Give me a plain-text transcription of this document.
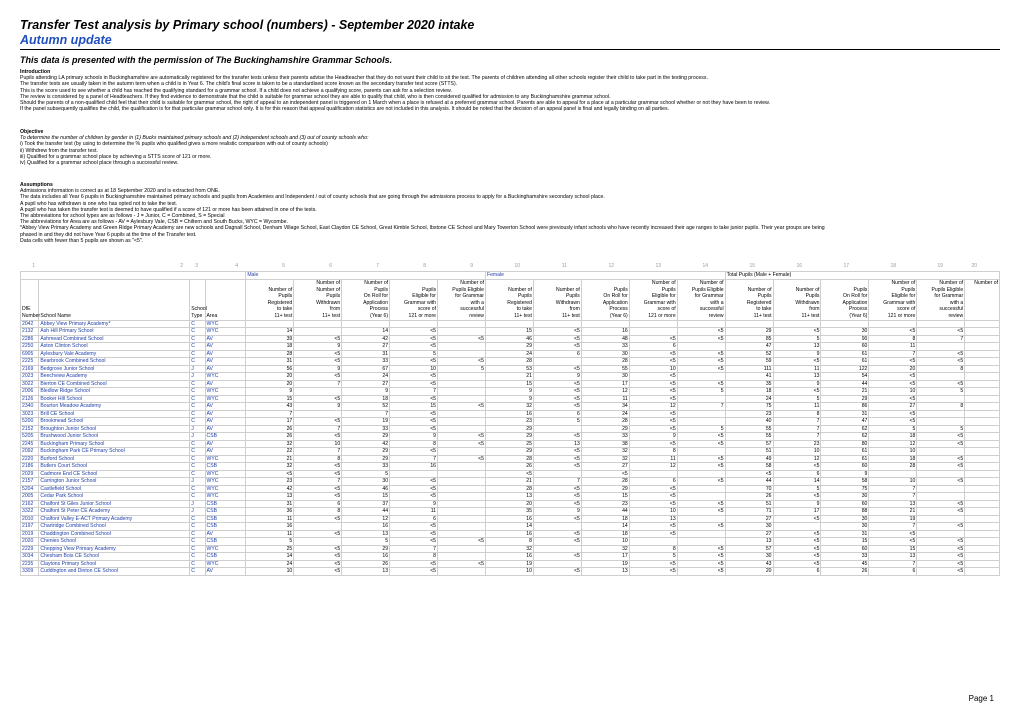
Transfer Test analysis by Primary school (numbers) - September 2020 intake
Autumn update
This data is presented with the permission of The Buckinghamshire Grammar Schools.

Introduction

Pupils attending LA primary schools in Buckinghamshire are automatically registered for the transfer tests unless their parents advise the Headteacher that they do not want their child to sit the test. The parents of children attending all other schools register their child to take part in the testing process.

The transfer tests are usually taken in the autumn term when a child is in Year 6. The child's final score is taken to be a standardised score known as the secondary transfer test score (STTS).

This is the score used to see whether a child has reached the qualifying standard for a grammar school. If a child does not achieve a qualifying score, parents can ask for a selection review.

The review is considered by a panel of Headteachers. If they find evidence to demonstrate that the child is suitable for grammar school they are able to qualify that child, who is then considered qualified for admission to any Buckinghamshire grammar school.

Should the parents of a non-qualified child feel that their child is suitable for grammar school, the right of appeal to an independent panel is triggered on 1 March when a place is refused at a preferred grammar school. Parents are able to appeal for a place at a particular grammar school whether or not they have been to review.

If the panel subsequently qualifies the child, the qualification is for that particular grammar school only. It is for this reason that appeal qualification statistics are not included in this analysis. It should be noted that the decision of an appeal panel is final and legally binding on all parties.

Objective

To determine the number of children by gender in (1) Bucks maintained primary schools and (2) independent schools and (3) out of county schools who:

i) Took the transfer test (by using to determine the % pupils who qualified gives a more realistic comparison with out of county schools)

ii) Withdrew from the transfer test.

iii) Qualified for a grammar school place by achieving a STTS score of 121 or more.

iv) Qualified for a grammar school place through a successful review.

Assumptions

Admissions information is correct as at 18 September 2020 and is extracted from ONE.

The data includes all Year 6 pupils in Buckinghamshire maintained primary schools and pupils from Academies and Independent / out of county schools that are going through the admissions process to apply for a Buckinghamshire secondary school place.

A pupil who has withdrawn is one who has opted not to take the test.

A pupil who has taken the transfer test is deemed to have qualified if a score of 121 or more has been attained in one of the tests.

The abbreviations for school types are as follows - J = Junior, C = Combined, S = Special

The abbreviations for Area are as follows - AV = Aylesbury Vale, CSB = Chiltern and South Bucks, WYC = Wycombe.

*Abbey View Primary Academy and Green Ridge Primary Academy are new schools and Dagnall School, Denham Village School, East Claydon CE School, Great Kimble School, Ibstone CE School and Mary Towerton School were previously infant schools who have recently increased their age ranges to take junior pupils. Their year groups are being

phased in and they did not have Year 6 pupils at the time of the Transfer test.

Data cells with fewer than 5 pupils are shown as "<5".

1	2	3	4	5	6	7	8	9	10	11	12	13	14	15	16	17	18	19	20
				Male					Female					Total Pupils (Male + Female)					
					Number of	Number of		Number of				Number of	Number of				Number of	Number of	Number of
				Number of	Number of	Pupils	Pupils	Pupils Eligible	Number of	Number of	Pupils	Pupils	Pupils Eligible	Number of	Number of	Pupils	Pupils	Pupils Eligible	
				Pupils	Pupils	On Roll for	Eligible for	for Grammar	Pupils	Pupils	On Roll for	Eligible for	for Grammar	Pupils	Pupils	On Roll for	Eligible for	for Grammar	
				Registered	Withdrawn	Application	Grammar with	with a	Registered	Withdrawn	Application	Grammar with	with a	Registered	Withdrawn	Application	Grammar with	with a	
DfE		School		to take	from	Process	score of	successful	to take	from	Process	score of	successful	to take	from	Process	score of	successful	
Number	School Name	Type	Area	11+ test	11+ test	(Year 6)	121 or more	review	11+ test	11+ test	(Year 6)	121 or more	review	11+ test	11+ test	(Year 6)	121 or more	review	
2042	Abbey View Primary Academy*	C	WYC																
2132	Ash Hill Primary School	C	WYC	14		14	<5		15	<5	16		<5	29	<5	30	<5	<5	
2286	Ashmead Combined School	C	AV	39	<5	42	<5	<5	46	<5	48	<5	<5	85	5	90	8	7	
2250	Aston Clinton School	C	AV	18	9	27	<5		29	<5	33	6		47	13	60	11		
6905	Aylesbury Vale Academy	C	AV	28	<5	31	5		24	6	30	<5	<5	52	9	61	7	<5	
2225	Bearbrook Combined School	C	AV	31	<5	33	<5	<5	28		28	<5	<5	59	<5	61	<5	<5	
2169	Bedgrove Junior School	J	AV	56	9	67	10	5	53	<5	55	10	<5	111	11	122	20	8	
2023	Beechview Academy	J	WYC	20	<5	24	<5		21	9	30	<5		41	13	54	<5		
3022	Bierton CE Combined School	C	AV	20	7	27	<5		15	<5	17	<5	<5	35	9	44	<5	<5	
2006	Bledlow Ridge School	C	WYC	9		9	7		9	<5	12	<5	5	18	<5	21	10	5	
2126	Booker Hill School	C	WYC	15	<5	18	<5		9	<5	11	<5		24	5	29	<5		
2340	Bourton Meadow Academy	C	AV	43	9	52	15	<5	32	<5	34	12	7	75	11	86	27	8	
3023	Brill CE School	C	AV	7		7	<5		16	6	24	<5		23	8	31	<5		
5200	Brookmead School	C	AV	17	<5	19	<5		23	5	28	<5		40	7	47	<5		
2152	Broughton Junior School	J	AV	26	7	33	<5		29		29	<5	5	55	7	62	5	5	
5205	Brushwood Junior School	J	CSB	26	<5	29	9	<5	29	<5	33	9	<5	55	7	62	18	<5	
2245	Buckingham Primary School	C	AV	32	10	42	8	<5	25	13	38	<5	<5	57	23	80	12	<5	
2092	Buckingham Park CE Primary School	C	AV	22	7	29	<5		29	<5	32	8		51	10	61	10		
2220	Burford School	C	WYC	21	8	29	7	<5	28	<5	32	11	<5	49	12	61	18	<5	
2186	Butlers Court School	C	CSB	32	<5	33	16		26	<5	27	12	<5	58	<5	60	28	<5	
2029	Cadmore End CE School	C	WYC	<5	<5	5			<5		<5			<5	6	9			
2157	Carrington Junior School	J	WYC	23	7	30	<5		21	7	28	6	<5	44	14	58	10	<5	
5204	Castlefield School	C	WYC	42	<5	46	<5		28	<5	29	<5		70	5	75	7		
2005	Cedar Park School	C	WYC	13	<5	15	<5		13	<5	15	<5		26	<5	30	7		
2162	Chalfont St Giles Junior School	J	CSB	31	6	37	9		20	<5	23	<5	<5	51	9	60	13	<5	
3322	Chalfont St Peter CE Academy	J	CSB	36	8	44	11		35	9	44	10	<5	71	17	88	21	<5	
2010	Chalfont Valley E-ACT Primary Academy	C	CSB	11	<5	12	6		16	<5	18	13		27	<5	30	19		
2197	Chartridge Combined School	C	CSB	16		16	<5		14		14	<5	<5	30		30	7	<5	
2019	Chaddington Combined School	C	AV	11	<5	13	<5		16	<5	18	<5		27	<5	31	<5		
2020	Chenies School	C	CSB	5		5	<5	<5	8	<5	10			13	<5	15	<5	<5	
2229	Chepping View Primary Academy	C	WYC	25	<5	29	7		32		32	8	<5	57	<5	60	15	<5	
3034	Chesham Bois CE School	C	CSB	14	<5	16	8		16	<5	17	5	<5	30	<5	33	13	<5	
2235	Claytons Primary School	C	WYC	24	<5	26	<5	<5	19		19	<5	<5	43	<5	45	7	<5	
3309	Cuddington and Dinton CE School	C	AV	10	<5	13	<5		10	<5	13	<5	<5	20	6	26	6	<5	
Page 1
